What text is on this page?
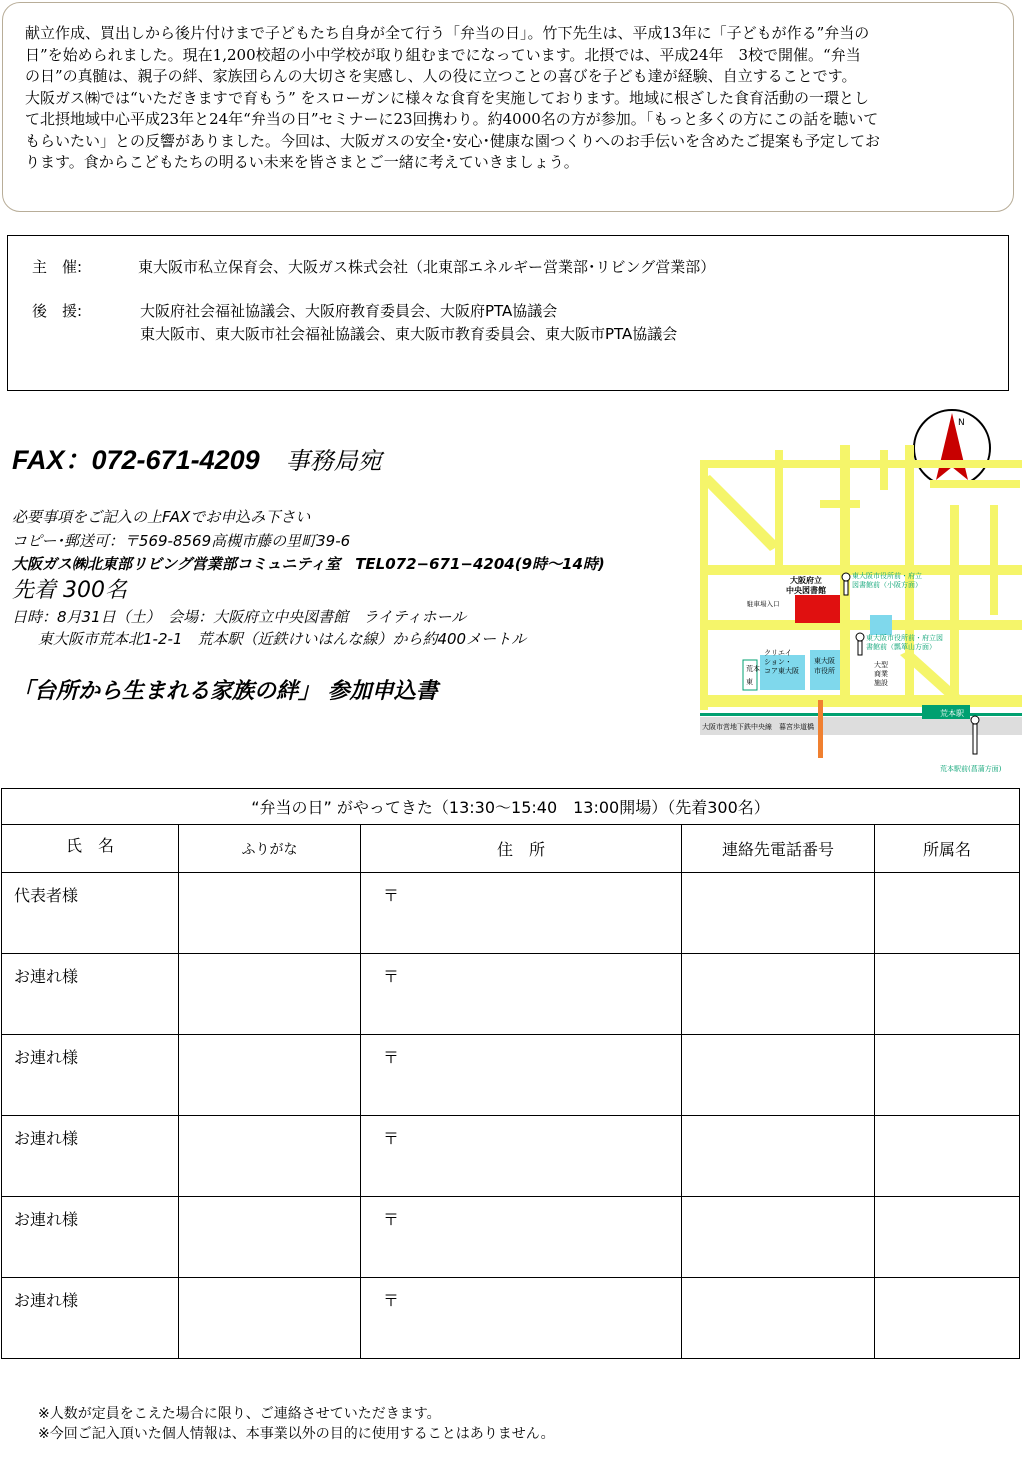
献立作成、買出しから後片付けまで子どもたち自身が全て行う「弁当の日」。竹下先生は、平成13年に「子どもが作る”弁当の
日”を始められました。現在1,200校超の小中学校が取り組むまでになっています。北摂では、平成24年　3校で開催。“弁当
の日”の真髄は、親子の絆、家族団らんの大切さを実感し、人の役に立つことの喜びを子ども達が経験、自立することです。
大阪ガス㈱では“いただきますで育もう” をスローガンに様々な食育を実施しております。地域に根ざした食育活動の一環とし
て北摂地域中心平成23年と24年“弁当の日”セミナーに23回携わり。約4000名の方が参加。「もっと多くの方にこの話を聴いて
もらいたい」との反響がありました。今回は、大阪ガスの安全･安心･健康な園つくりへのお手伝いを含めたご提案も予定してお
ります。食からこどもたちの明るい未来を皆さまとご一緒に考えていきましょう。
主　催:	東大阪市私立保育会、大阪ガス株式会社（北東部エネルギー営業部･リビング営業部）
後　援:	大阪府社会福祉協議会、大阪府教育委員会、大阪府PTA協議会
東大阪市、東大阪市社会福祉協議会、東大阪市教育委員会、東大阪市PTA協議会
FAX：072-671-4209 事務局宛
必要事項をご記入の上FAXでお申込み下さい
コピー･郵送可：〒569-8569高槻市藤の里町39-6
大阪ガス㈱北東部リビング営業部コミュニティ室　TEL072−671−4204(9時～14時)
先着 300名
日時：8月31日（土）　会場：大阪府立中央図書館　ライティホール
東大阪市荒本北1-2-1　荒本駅（近鉄けいはんな線）から約400メートル
「台所から生まれる家族の絆」 参加申込書
N
大阪府立
中央図書館
駐車場入口
クリエイ
ション・
コア東大阪
東大阪
市役所
大型
商業
施設
東大阪市役所前・府立
図書館前（小阪方面）
東大阪市役所前・府立図
書館前（瓢箪山方面）
荒本
東
大阪市営地下鉄中央線　暮宮歩道橋
荒本駅
荒本駅前(菖蒲方面)
“弁当の日” がやってきた（13:30～15:40　13:00開場）（先着300名）				
氏　名	ふりがな	住　所	連絡先電話番号	所属名
代表者様		〒		
お連れ様		〒		
お連れ様		〒		
お連れ様		〒		
お連れ様		〒		
お連れ様		〒		
※人数が定員をこえた場合に限り、ご連絡させていただきます。
※今回ご記入頂いた個人情報は、本事業以外の目的に使用することはありません。
